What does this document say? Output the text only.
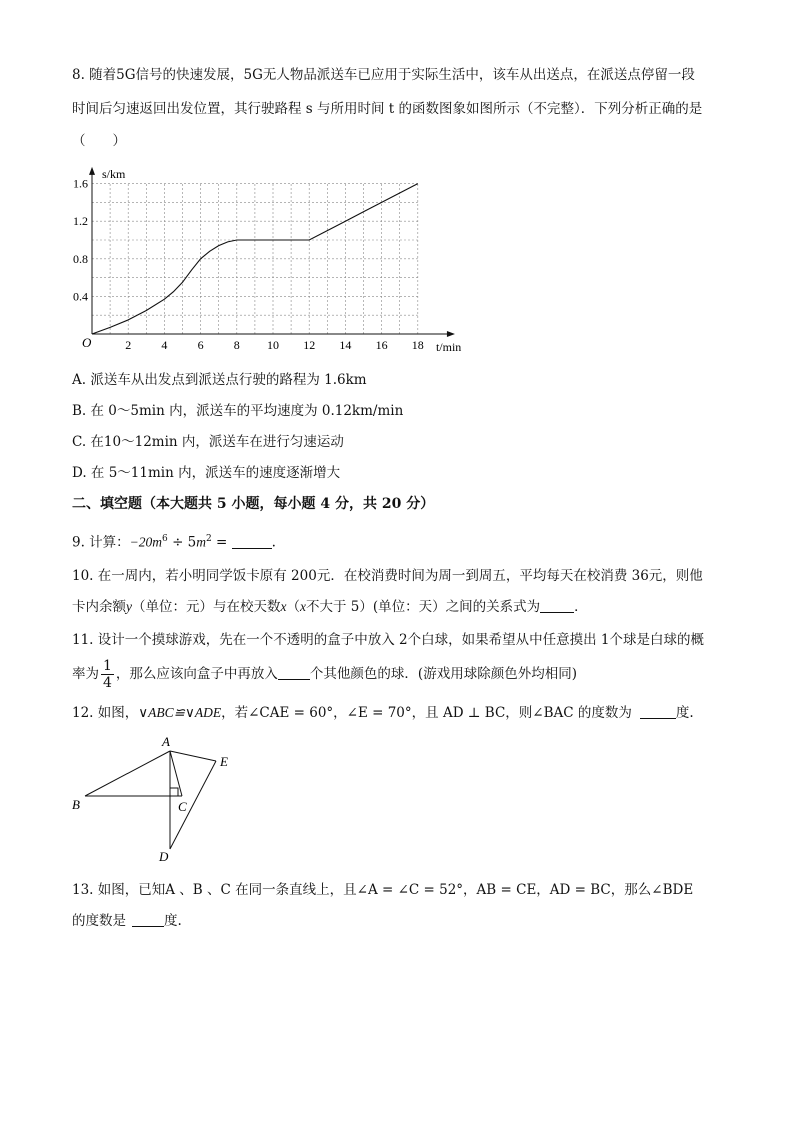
8. 随着5G信号的快速发展，5G无人物品派送车已应用于实际生活中，该车从出送点，在派送点停留一段
时间后匀速返回出发位置，其行驶路程 s 与所用时间 t 的函数图象如图所示（不完整）．下列分析正确的是
（　　）
2	4	6	8 10 12 14 16 18
0.4
0.8
1.2
1.6
O
s/km
t/min
A. 派送车从出发点到派送点行驶的路程为 1.6km
B. 在 0～5min 内，派送车的平均速度为 0.12km/min
C. 在10～12min 内，派送车在进行匀速运动
D. 在 5～11min 内，派送车的速度逐渐增大
二、填空题（本大题共 5 小题，每小题 4 分，共 20 分）
9. 计算：$-20m^6 \div 5m^2$ =	.
10. 在一周内，若小明同学饭卡原有 200元．在校消费时间为周一到周五，平均每天在校消费 36元，则他
卡内余额y（单位：元）与在校天数x（x不大于 5）(单位：天）之间的关系式为	．
11. 设计一个摸球游戏，先在一个不透明的盒子中放入 2个白球，如果希望从中任意摸出 1个球是白球的概
率为 $\frac{1}{4}$ ，那么应该向盒子中再放入 个其他颜色的球．(游戏用球除颜色外均相同)
12. 如图，∨ABC≌∨ADE，若∠CAE = 60°，∠E = 70°，且 AD ⊥ BC，则∠BAC 的度数为	度.
A
B	C
D
E
13. 如图，已知A 、B 、C 在同一条直线上，且∠A = ∠C = 52°，AB = CE，AD = BC，那么∠BDE
的度数是	度.
